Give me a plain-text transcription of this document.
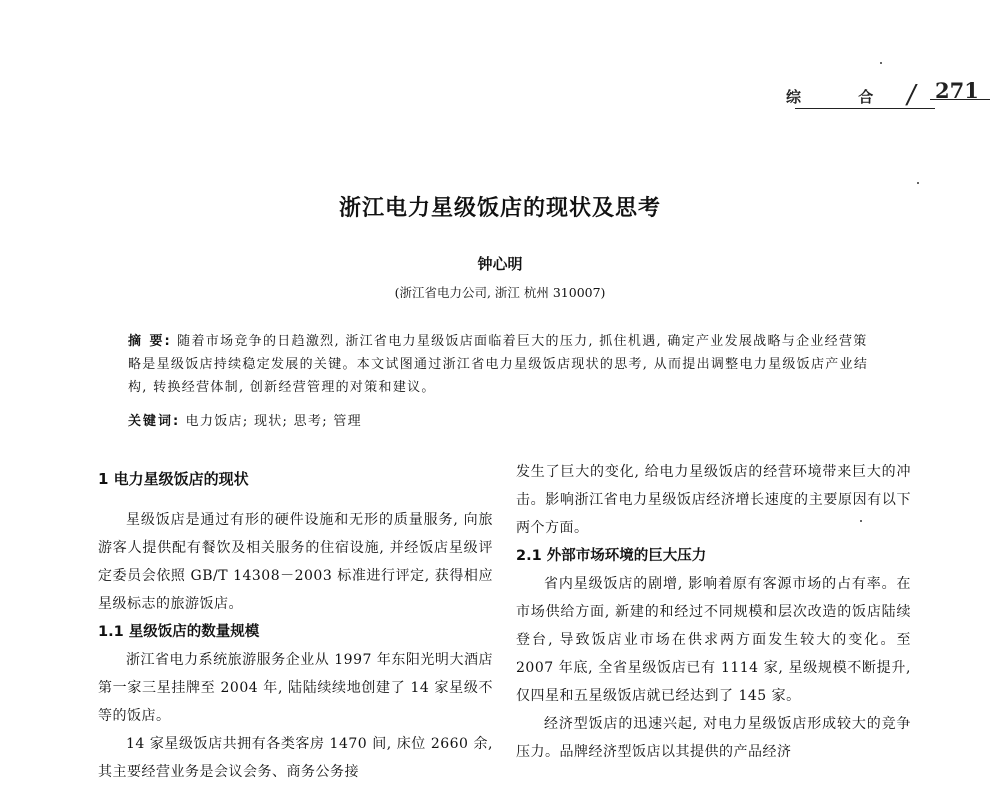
综 合 / 271
浙江电力星级饭店的现状及思考
钟心明
(浙江省电力公司, 浙江 杭州 310007)
摘 要: 随着市场竞争的日趋激烈, 浙江省电力星级饭店面临着巨大的压力, 抓住机遇, 确定产业发展战略与企业经营策略是星级饭店持续稳定发展的关键。本文试图通过浙江省电力星级饭店现状的思考, 从而提出调整电力星级饭店产业结构, 转换经营体制, 创新经营管理的对策和建议。
关键词: 电力饭店; 现状; 思考; 管理
1 电力星级饭店的现状

星级饭店是通过有形的硬件设施和无形的质量服务, 向旅游客人提供配有餐饮及相关服务的住宿设施, 并经饭店星级评定委员会依照 GB/T 14308－2003 标准进行评定, 获得相应星级标志的旅游饭店。

1.1 星级饭店的数量规模

浙江省电力系统旅游服务企业从 1997 年东阳光明大酒店第一家三星挂牌至 2004 年, 陆陆续续地创建了 14 家星级不等的饭店。

14 家星级饭店共拥有各类客房 1470 间, 床位 2660 余, 其主要经营业务是会议会务、商务公务接

发生了巨大的变化, 给电力星级饭店的经营环境带来巨大的冲击。影响浙江省电力星级饭店经济增长速度的主要原因有以下两个方面。

2.1 外部市场环境的巨大压力

省内星级饭店的剧增, 影响着原有客源市场的占有率。在市场供给方面, 新建的和经过不同规模和层次改造的饭店陆续登台, 导致饭店业市场在供求两方面发生较大的变化。至 2007 年底, 全省星级饭店已有 1114 家, 星级规模不断提升, 仅四星和五星级饭店就已经达到了 145 家。

经济型饭店的迅速兴起, 对电力星级饭店形成较大的竞争压力。品牌经济型饭店以其提供的产品经济
